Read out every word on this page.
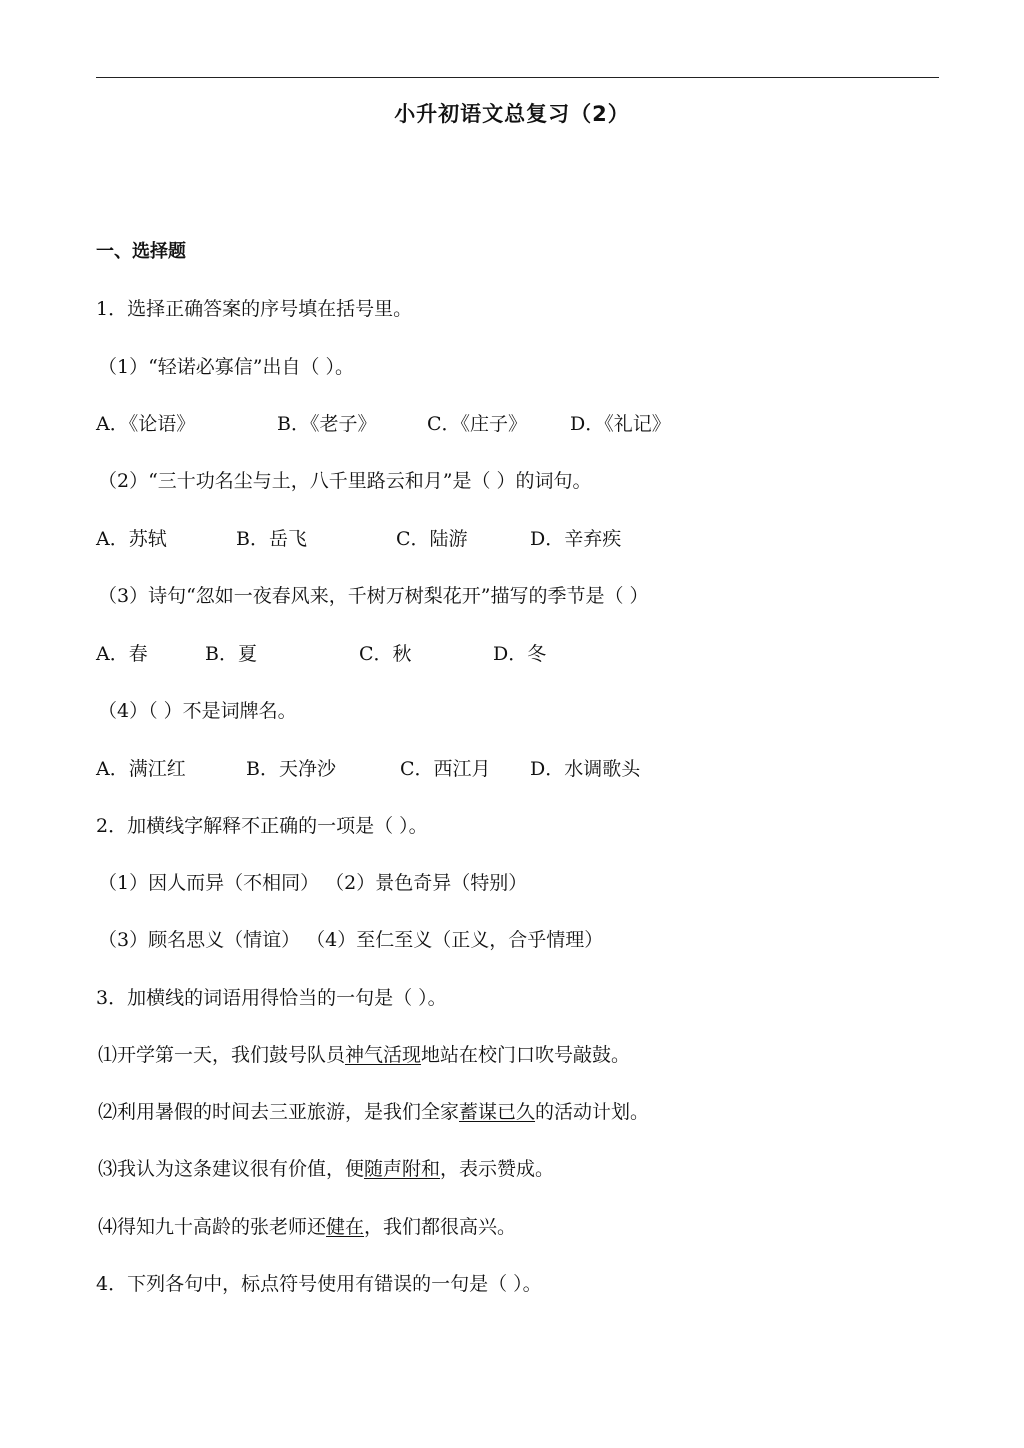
小升初语文总复习（2）
一、选择题
1．选择正确答案的序号填在括号里。
（1）“轻诺必寡信”出自（ ）。
A．《论语》	B．《老子》	C．《庄子》 D．《礼记》
（2）“三十功名尘与土，八千里路云和月”是（ ）的词句。
A．苏轼	B．岳飞	C．陆游	D．辛弃疾
（3）诗句“忽如一夜春风来，千树万树梨花开”描写的季节是（ ）
A．春	B．夏	C．秋	D．冬
（4）（ ）不是词牌名。
A．满江红	B．天净沙	C．西江月 D．水调歌头
2．加横线字解释不正确的一项是（ ）。
（1）因人而异（不相同） （2）景色奇异（特别）
（3）顾名思义（情谊） （4）至仁至义（正义，合乎情理）
3．加横线的词语用得恰当的一句是（ ）。
⑴开学第一天，我们鼓号队员神气活现地站在校门口吹号敲鼓。
⑵利用暑假的时间去三亚旅游，是我们全家蓄谋已久的活动计划。
⑶我认为这条建议很有价值，便随声附和，表示赞成。
⑷得知九十高龄的张老师还健在，我们都很高兴。
4．下列各句中，标点符号使用有错误的一句是（ ）。
